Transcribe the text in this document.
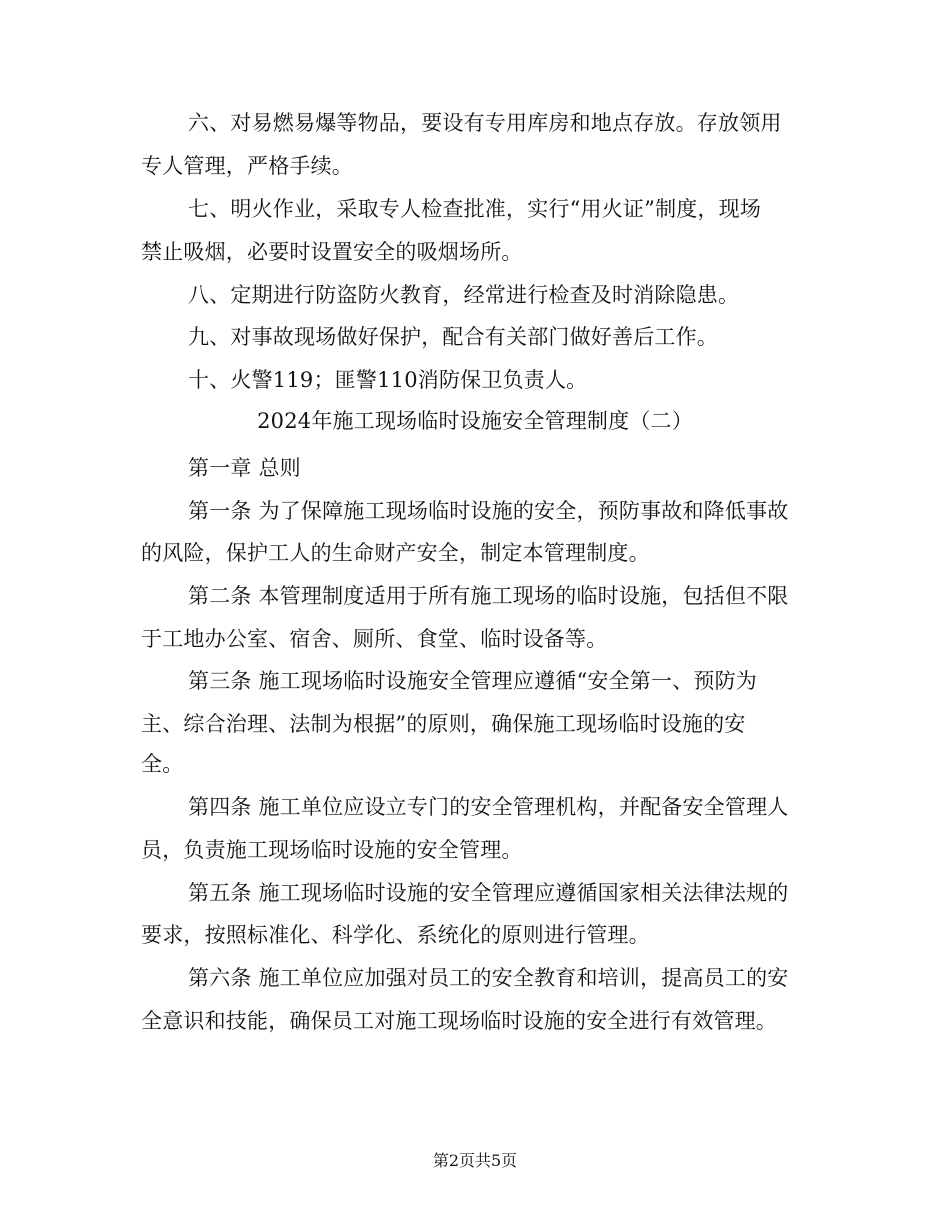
六、对易燃易爆等物品，要设有专用库房和地点存放。存放领用
专人管理，严格手续。
七、明火作业，采取专人检查批准，实行“用火证”制度，现场
禁止吸烟，必要时设置安全的吸烟场所。
八、定期进行防盗防火教育，经常进行检查及时消除隐患。
九、对事故现场做好保护，配合有关部门做好善后工作。
十、火警119；匪警110消防保卫负责人。
2024年施工现场临时设施安全管理制度（二）
第一章 总则
第一条 为了保障施工现场临时设施的安全，预防事故和降低事故
的风险，保护工人的生命财产安全，制定本管理制度。
第二条 本管理制度适用于所有施工现场的临时设施，包括但不限
于工地办公室、宿舍、厕所、食堂、临时设备等。
第三条 施工现场临时设施安全管理应遵循“安全第一、预防为
主、综合治理、法制为根据”的原则，确保施工现场临时设施的安
全。
第四条 施工单位应设立专门的安全管理机构，并配备安全管理人
员，负责施工现场临时设施的安全管理。
第五条 施工现场临时设施的安全管理应遵循国家相关法律法规的
要求，按照标准化、科学化、系统化的原则进行管理。
第六条 施工单位应加强对员工的安全教育和培训，提高员工的安
全意识和技能，确保员工对施工现场临时设施的安全进行有效管理。
第2页共5页
